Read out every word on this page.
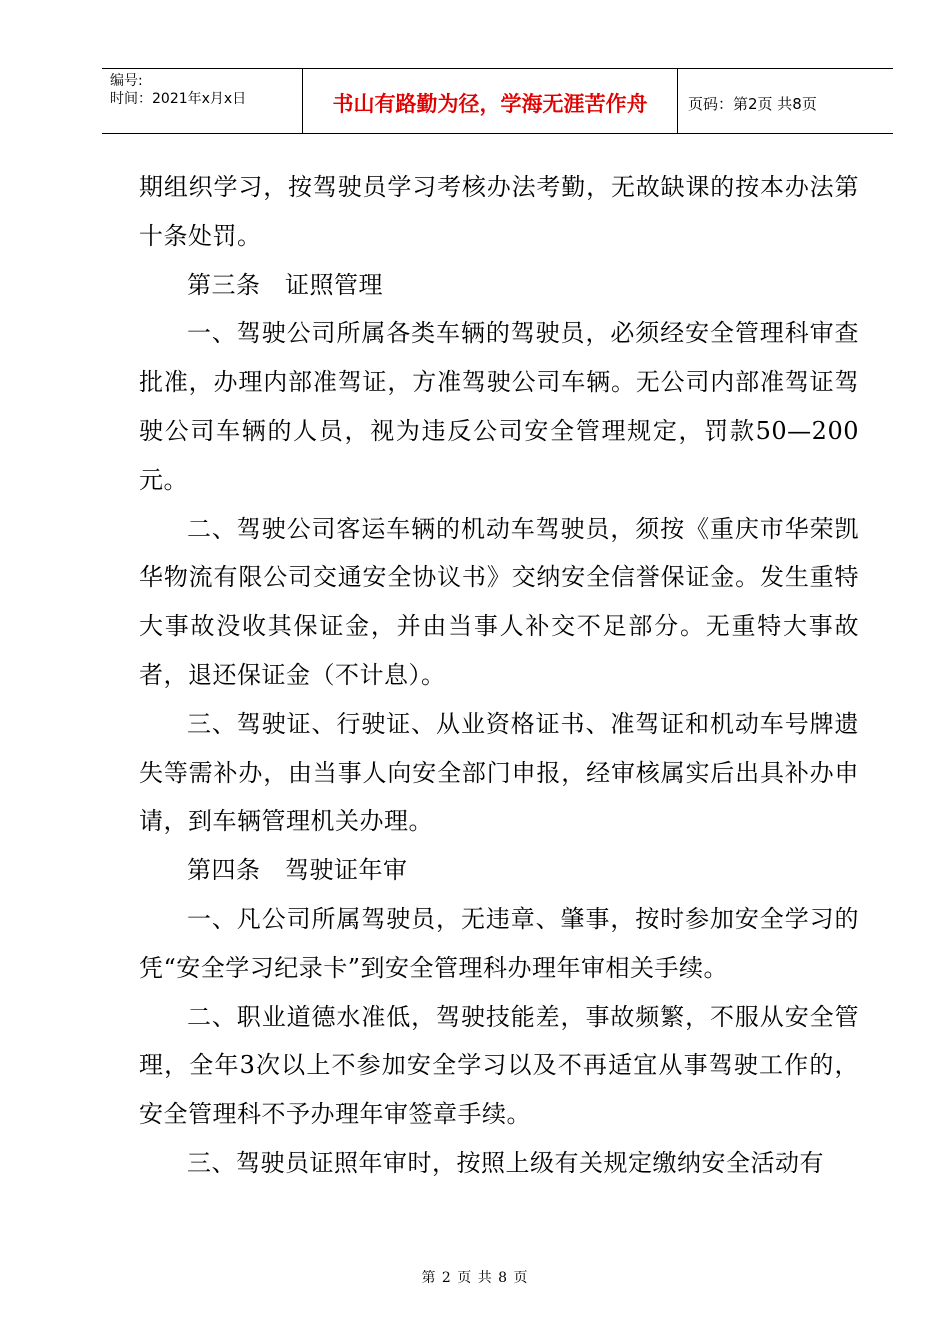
编号:
时间：2021年x月x日	书山有路勤为径，学海无涯苦作舟	页码：第2页 共8页

期组织学习，按驾驶员学习考核办法考勤，无故缺课的按本办法第十条处罚。

第三条　证照管理

一、驾驶公司所属各类车辆的驾驶员，必须经安全管理科审查批准，办理内部准驾证，方准驾驶公司车辆。无公司内部准驾证驾驶公司车辆的人员，视为违反公司安全管理规定，罚款50—200元。

二、驾驶公司客运车辆的机动车驾驶员，须按《重庆市华荣凯华物流有限公司交通安全协议书》交纳安全信誉保证金。发生重特大事故没收其保证金，并由当事人补交不足部分。无重特大事故者，退还保证金（不计息）。

三、驾驶证、行驶证、从业资格证书、准驾证和机动车号牌遗失等需补办，由当事人向安全部门申报，经审核属实后出具补办申请，到车辆管理机关办理。

第四条　驾驶证年审

一、凡公司所属驾驶员，无违章、肇事，按时参加安全学习的凭“安全学习纪录卡”到安全管理科办理年审相关手续。

二、职业道德水准低，驾驶技能差，事故频繁，不服从安全管理，全年3次以上不参加安全学习以及不再适宜从事驾驶工作的，安全管理科不予办理年审签章手续。

三、驾驶员证照年审时，按照上级有关规定缴纳安全活动有

第 2 页 共 8 页
